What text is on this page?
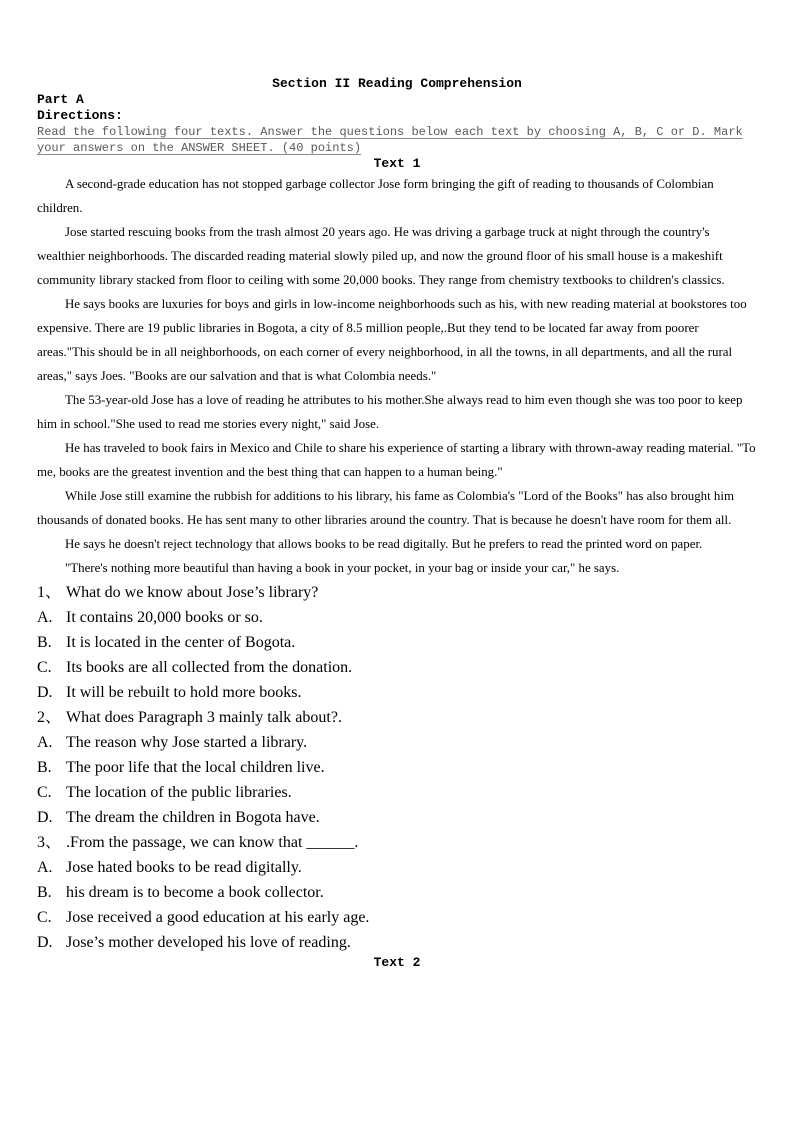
Section II Reading Comprehension
Part A
Directions:
Read the following four texts. Answer the questions below each text by choosing A, B, C or D. Mark your answers on the ANSWER SHEET. (40 points)
Text 1

A second-grade education has not stopped garbage collector Jose form bringing the gift of reading to thousands of Colombian children.

Jose started rescuing books from the trash almost 20 years ago. He was driving a garbage truck at night through the country's wealthier neighborhoods. The discarded reading material slowly piled up, and now the ground floor of his small house is a makeshift community library stacked from floor to ceiling with some 20,000 books. They range from chemistry textbooks to children's classics.

He says books are luxuries for boys and girls in low-income neighborhoods such as his, with new reading material at bookstores too expensive. There are 19 public libraries in Bogota, a city of 8.5 million people,.But they tend to be located far away from poorer areas."This should be in all neighborhoods, on each corner of every neighborhood, in all the towns, in all departments, and all the rural areas," says Joes. "Books are our salvation and that is what Colombia needs."

The 53-year-old Jose has a love of reading he attributes to his mother.She always read to him even though she was too poor to keep him in school."She used to read me stories every night," said Jose.

He has traveled to book fairs in Mexico and Chile to share his experience of starting a library with thrown-away reading material. "To me, books are the greatest invention and the best thing that can happen to a human being."

While Jose still examine the rubbish for additions to his library, his fame as Colombia's "Lord of the Books" has also brought him thousands of donated books. He has sent many to other libraries around the country. That is because he doesn't have room for them all.

He says he doesn't reject technology that allows books to be read digitally. But he prefers to read the printed word on paper.

"There's nothing more beautiful than having a book in your pocket, in your bag or inside your car," he says.

1、 What do we know about Jose’s library?
A. It contains 20,000 books or so.
B. It is located in the center of Bogota.
C. Its books are all collected from the donation.
D. It will be rebuilt to hold more books.
2、 What does Paragraph 3 mainly talk about?.
A. The reason why Jose started a library.
B. The poor life that the local children live.
C. The location of the public libraries.
D. The dream the children in Bogota have.
3、 .From the passage, we can know that ______.
A. Jose hated books to be read digitally.
B. his dream is to become a book collector.
C. Jose received a good education at his early age.
D. Jose’s mother developed his love of reading.
Text 2
